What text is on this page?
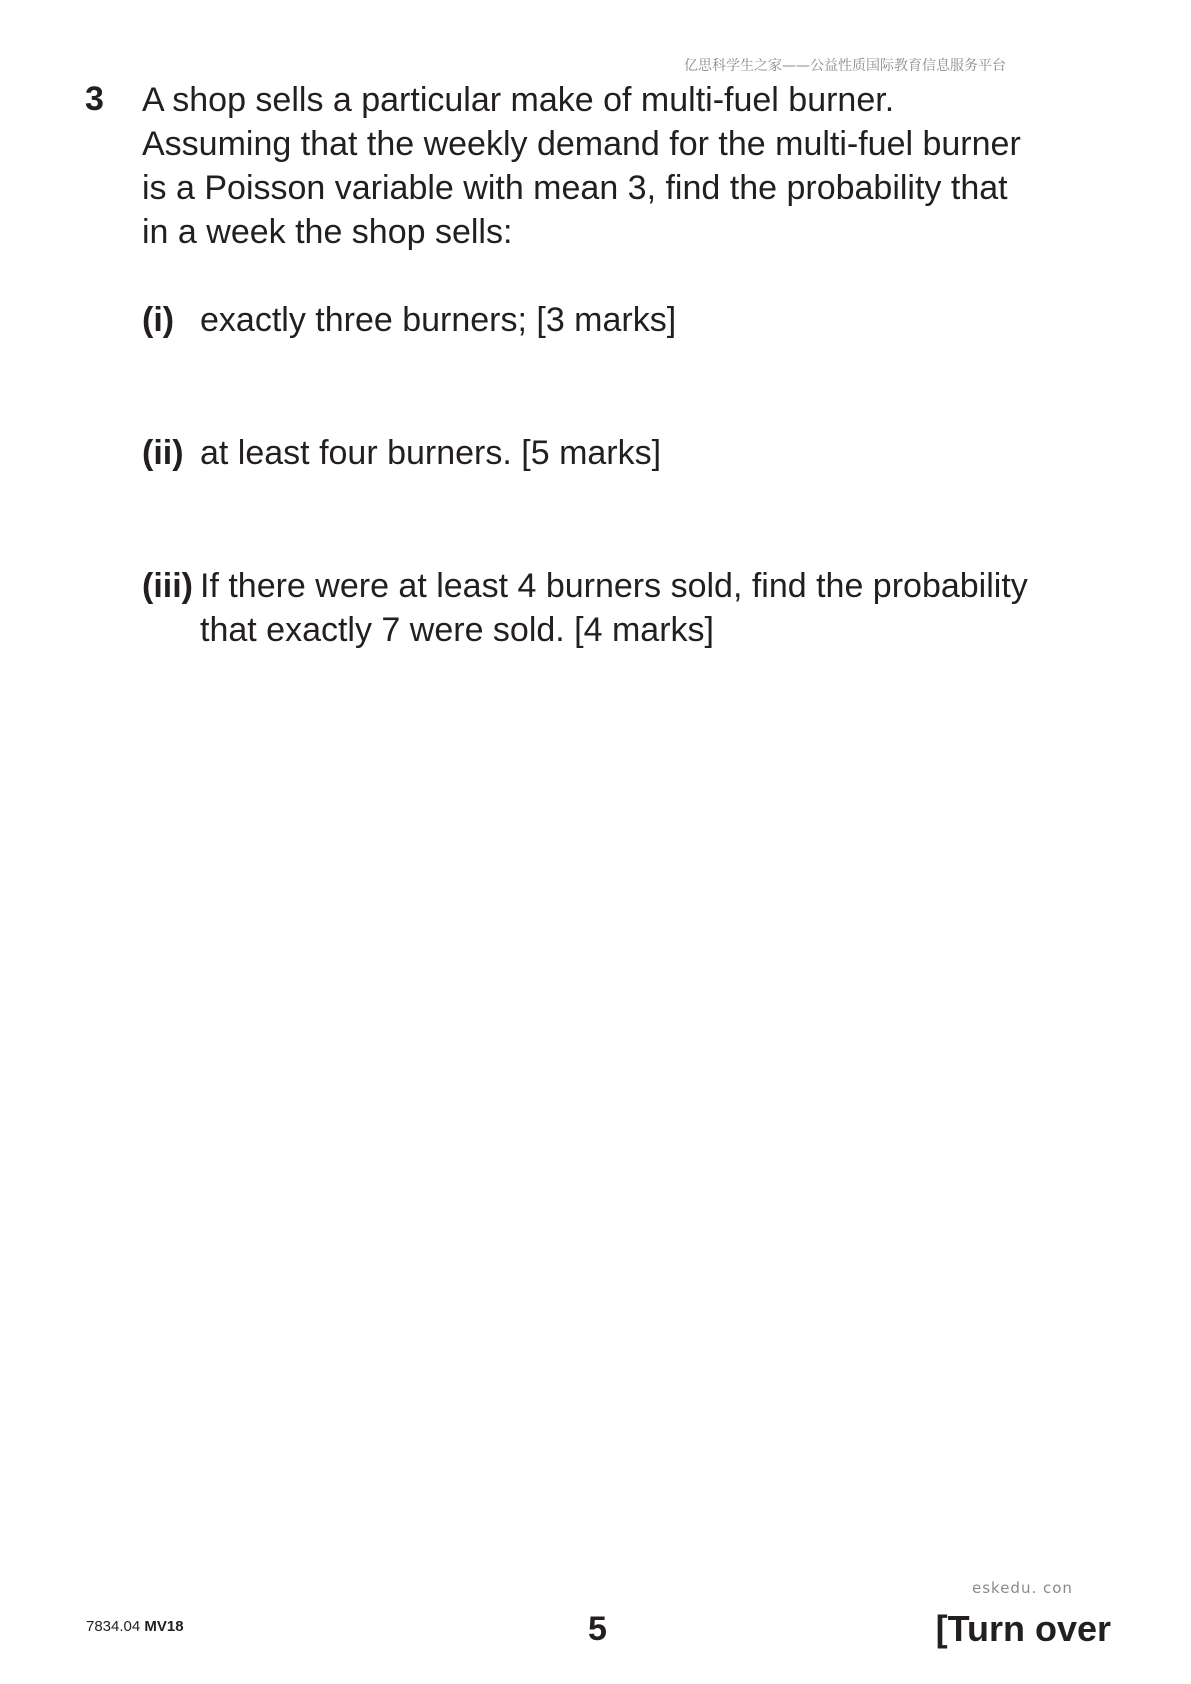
亿思科学生之家——公益性质国际教育信息服务平台
3 A shop sells a particular make of multi-fuel burner.
Assuming that the weekly demand for the multi-fuel burner
is a Poisson variable with mean 3, find the probability that
in a week the shop sells:
(i) exactly three burners; [3 marks]
(ii) at least four burners. [5 marks]
(iii) If there were at least 4 burners sold, find the probability
that exactly 7 were sold. [4 marks]
eskedu. con
7834.04 MV18	5	[Turn over
